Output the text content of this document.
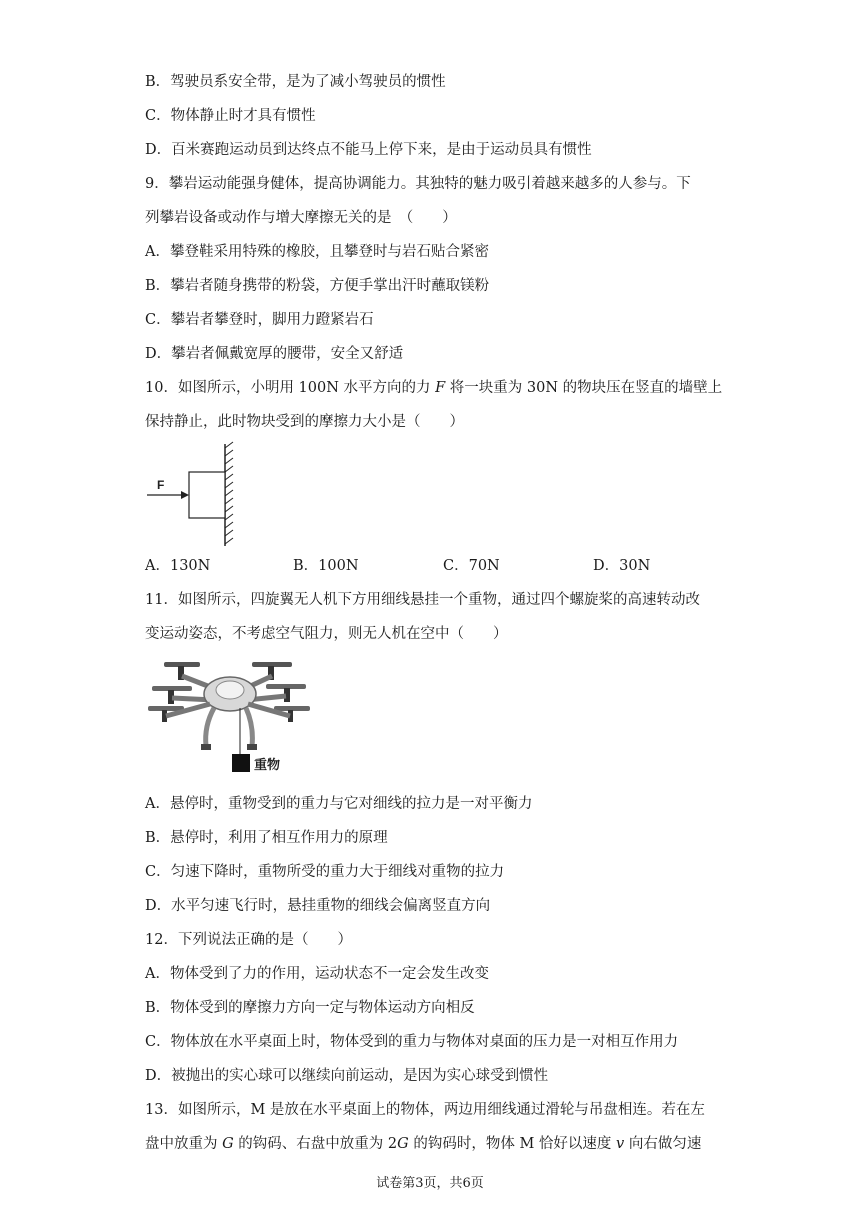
B．驾驶员系安全带，是为了减小驾驶员的惯性
C．物体静止时才具有惯性
D．百米赛跑运动员到达终点不能马上停下来，是由于运动员具有惯性
9．攀岩运动能强身健体，提高协调能力。其独特的魅力吸引着越来越多的人参与。下
列攀岩设备或动作与增大摩擦无关的是　（　　）
A．攀登鞋采用特殊的橡胶，且攀登时与岩石贴合紧密
B．攀岩者随身携带的粉袋，方便手掌出汗时蘸取镁粉
C．攀岩者攀登时，脚用力蹬紧岩石
D．攀岩者佩戴宽厚的腰带，安全又舒适
10．如图所示，小明用 100N 水平方向的力 F 将一块重为 30N 的物块压在竖直的墙壁上
保持静止，此时物块受到的摩擦力大小是（　　）
F
A．130N	B．100N	C．70N	D．30N
11．如图所示，四旋翼无人机下方用细线悬挂一个重物，通过四个螺旋桨的高速转动改
变运动姿态，不考虑空气阻力，则无人机在空中（　　）
重物
A．悬停时，重物受到的重力与它对细线的拉力是一对平衡力
B．悬停时，利用了相互作用力的原理
C．匀速下降时，重物所受的重力大于细线对重物的拉力
D．水平匀速飞行时，悬挂重物的细线会偏离竖直方向
12．下列说法正确的是（　　）
A．物体受到了力的作用，运动状态不一定会发生改变
B．物体受到的摩擦力方向一定与物体运动方向相反
C．物体放在水平桌面上时，物体受到的重力与物体对桌面的压力是一对相互作用力
D．被抛出的实心球可以继续向前运动，是因为实心球受到惯性
13．如图所示，M 是放在水平桌面上的物体，两边用细线通过滑轮与吊盘相连。若在左
盘中放重为 G 的钩码、右盘中放重为 2G 的钩码时，物体 M 恰好以速度 v 向右做匀速
试卷第3页，共6页
